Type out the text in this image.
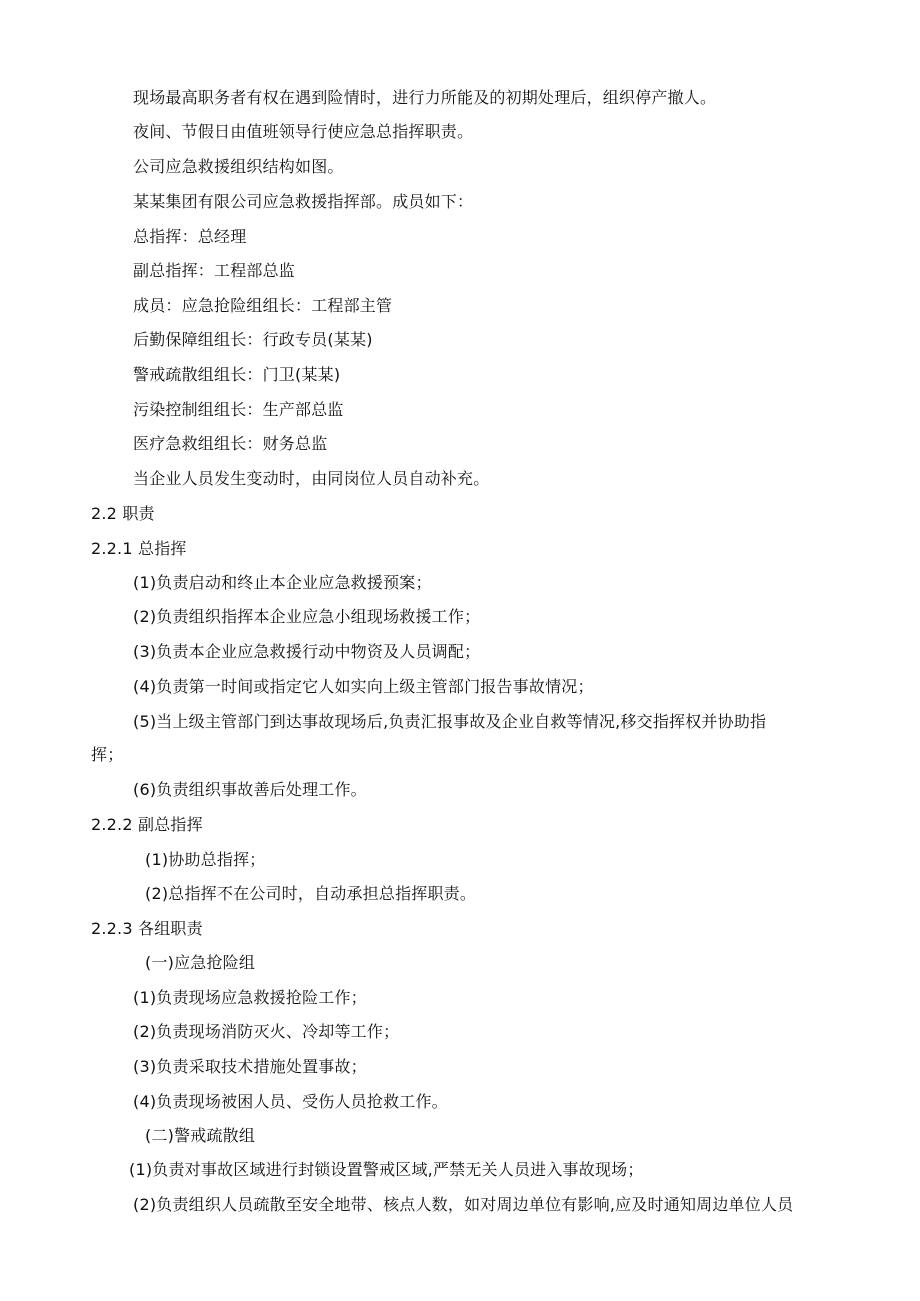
现场最高职务者有权在遇到险情时，进行力所能及的初期处理后，组织停产撤人。
夜间、节假日由值班领导行使应急总指挥职责。
公司应急救援组织结构如图。
某某集团有限公司应急救援指挥部。成员如下：
总指挥：总经理
副总指挥：工程部总监
成员：应急抢险组组长：工程部主管
后勤保障组组长：行政专员(某某)
警戒疏散组组长：门卫(某某)
污染控制组组长：生产部总监
医疗急救组组长：财务总监
当企业人员发生变动时，由同岗位人员自动补充。
2.2 职责
2.2.1 总指挥
(1)负责启动和终止本企业应急救援预案；
(2)负责组织指挥本企业应急小组现场救援工作；
(3)负责本企业应急救援行动中物资及人员调配；
(4)负责第一时间或指定它人如实向上级主管部门报告事故情况；
(5)当上级主管部门到达事故现场后,负责汇报事故及企业自救等情况,移交指挥权并协助指
挥；
(6)负责组织事故善后处理工作。
2.2.2 副总指挥
(1)协助总指挥；
(2)总指挥不在公司时，自动承担总指挥职责。
2.2.3 各组职责
(一)应急抢险组
(1)负责现场应急救援抢险工作；
(2)负责现场消防灭火、冷却等工作；
(3)负责采取技术措施处置事故；
(4)负责现场被困人员、受伤人员抢救工作。
(二)警戒疏散组
(1)负责对事故区域进行封锁设置警戒区域,严禁无关人员进入事故现场；
(2)负责组织人员疏散至安全地带、核点人数，如对周边单位有影响,应及时通知周边单位人员
